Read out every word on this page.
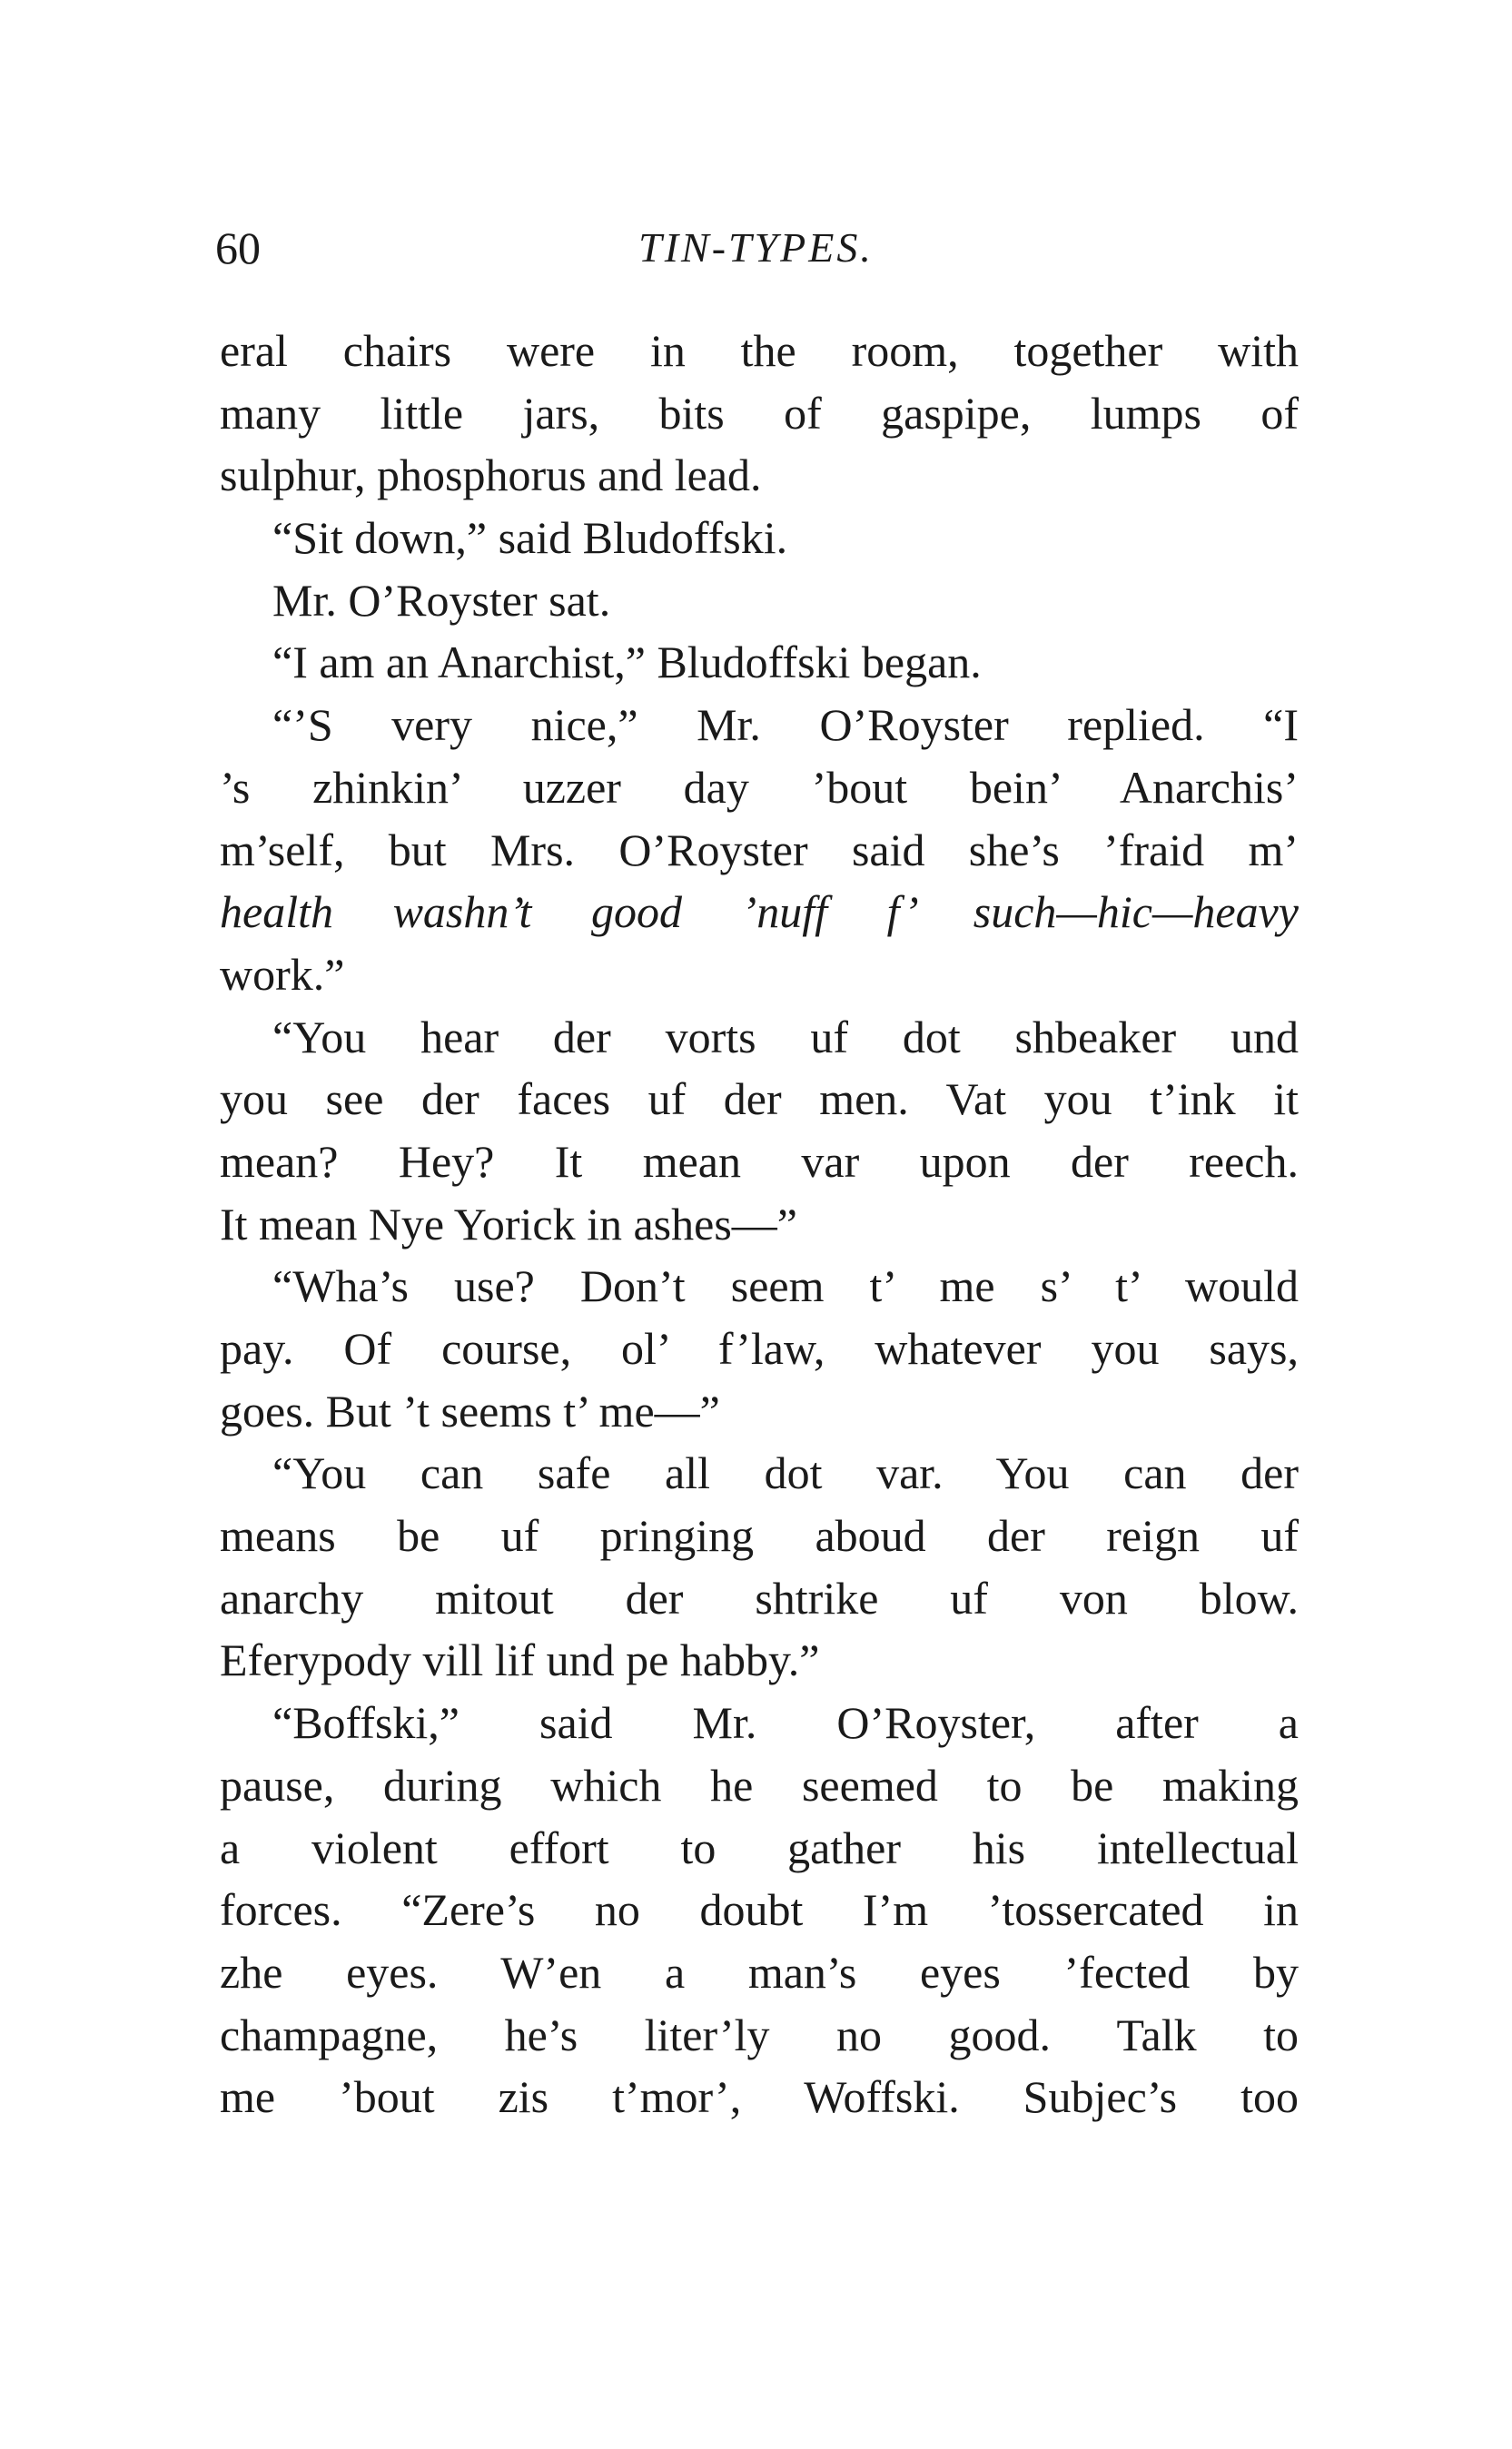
60	TIN-TYPES.
eral chairs were in the room, together with
many little jars, bits of gaspipe, lumps of
sulphur, phosphorus and lead.
“Sit down,” said Bludoffski.
Mr. O’Royster sat.
“I am an Anarchist,” Bludoffski began.
“’S very nice,” Mr. O’Royster replied. “I
’s zhinkin’ uzzer day ’bout bein’ Anarchis’
m’self, but Mrs. O’Royster said she’s ’fraid m’
health washn’t good ’nuff f’ such—hic—heavy
work.”
“You hear der vorts uf dot shbeaker und
you see der faces uf der men. Vat you t’ink it
mean? Hey? It mean var upon der reech.
It mean Nye Yorick in ashes—”
“Wha’s use? Don’t seem t’ me s’ t’ would
pay. Of course, ol’ f’law, whatever you says,
goes. But ’t seems t’ me—”
“You can safe all dot var. You can der
means be uf pringing aboud der reign uf
anarchy mitout der shtrike uf von blow.
Eferypody vill lif und pe habby.”
“Boffski,” said Mr. O’Royster, after a
pause, during which he seemed to be making
a violent effort to gather his intellectual
forces. “Zere’s no doubt I’m ’tossercated in
zhe eyes. W’en a man’s eyes ’fected by
champagne, he’s liter’ly no good. Talk to
me ’bout zis t’mor’, Woffski. Subjec’s too
